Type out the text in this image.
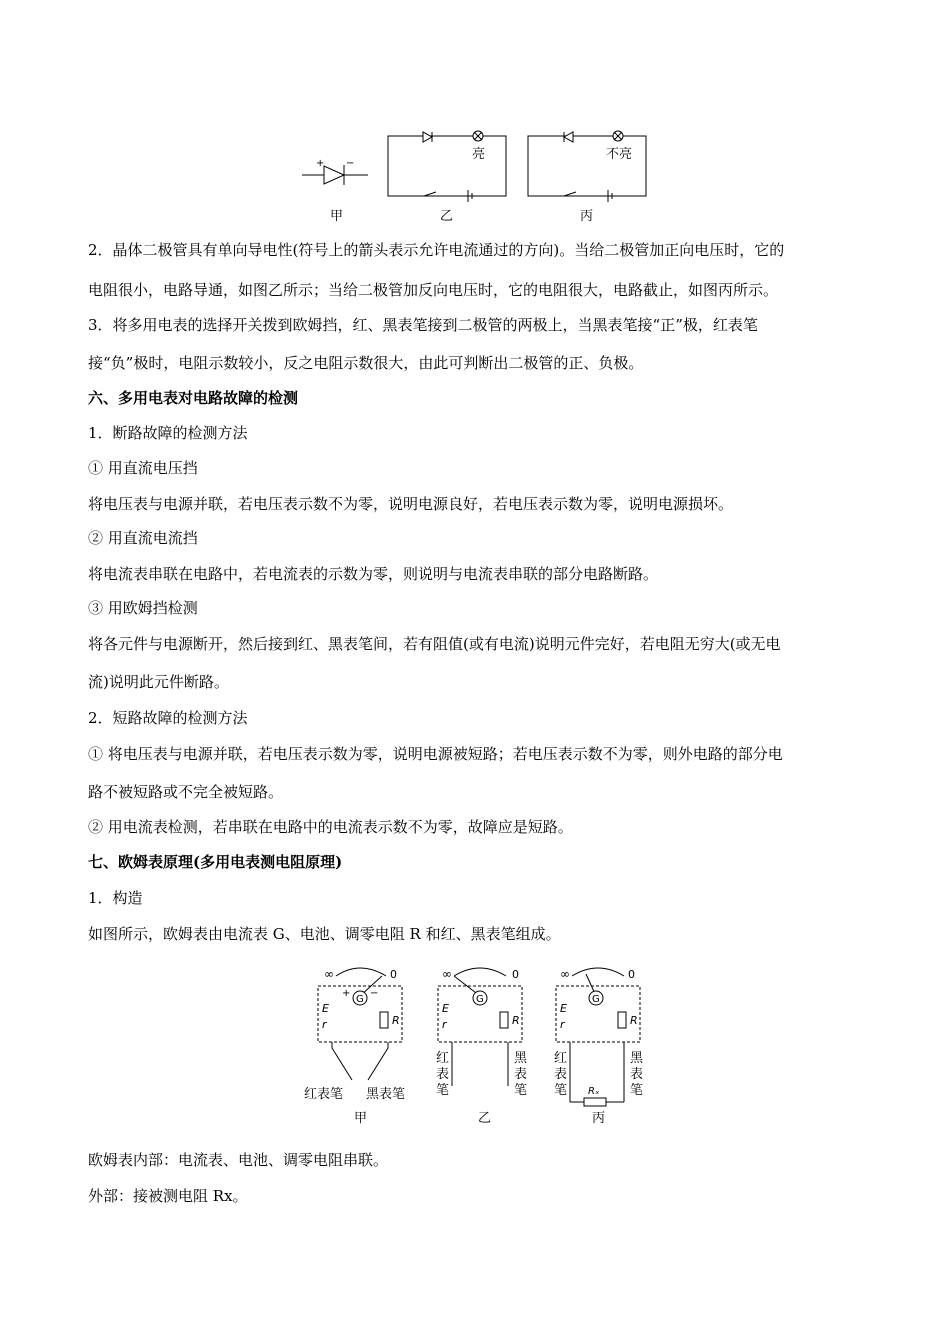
+ −
亮	不亮
甲	乙	丙
2．晶体二极管具有单向导电性(符号上的箭头表示允许电流通过的方向)。当给二极管加正向电压时，它的
电阻很小，电路导通，如图乙所示；当给二极管加反向电压时，它的电阻很大，电路截止，如图丙所示。
3．将多用电表的选择开关拨到欧姆挡，红、黑表笔接到二极管的两极上，当黑表笔接“正”极，红表笔
接“负”极时，电阻示数较小，反之电阻示数很大，由此可判断出二极管的正、负极。
六、多用电表对电路故障的检测
1．断路故障的检测方法
① 用直流电压挡
将电压表与电源并联，若电压表示数不为零，说明电源良好，若电压表示数为零，说明电源损坏。
② 用直流电流挡
将电流表串联在电路中，若电流表的示数为零，则说明与电流表串联的部分电路断路。
③ 用欧姆挡检测
将各元件与电源断开，然后接到红、黑表笔间，若有阻值(或有电流)说明元件完好，若电阻无穷大(或无电
流)说明此元件断路。
2．短路故障的检测方法
① 将电压表与电源并联，若电压表示数为零，说明电源被短路；若电压表示数不为零，则外电路的部分电
路不被短路或不完全被短路。
② 用电流表检测，若串联在电路中的电流表示数不为零，故障应是短路。
七、欧姆表原理(多用电表测电阻原理)
1．构造
如图所示，欧姆表由电流表 G、电池、调零电阻 R 和红、黑表笔组成。
∞	0
G
+ −
E
r	R
红表笔 黑表笔
甲
∞	0
G
E
r	R
红
表
笔
黑
表
笔
乙
∞	0
G
E
r	R
Rₓ
红
表
笔
黑
表
笔
丙
欧姆表内部：电流表、电池、调零电阻串联。
外部：接被测电阻 Rx。
